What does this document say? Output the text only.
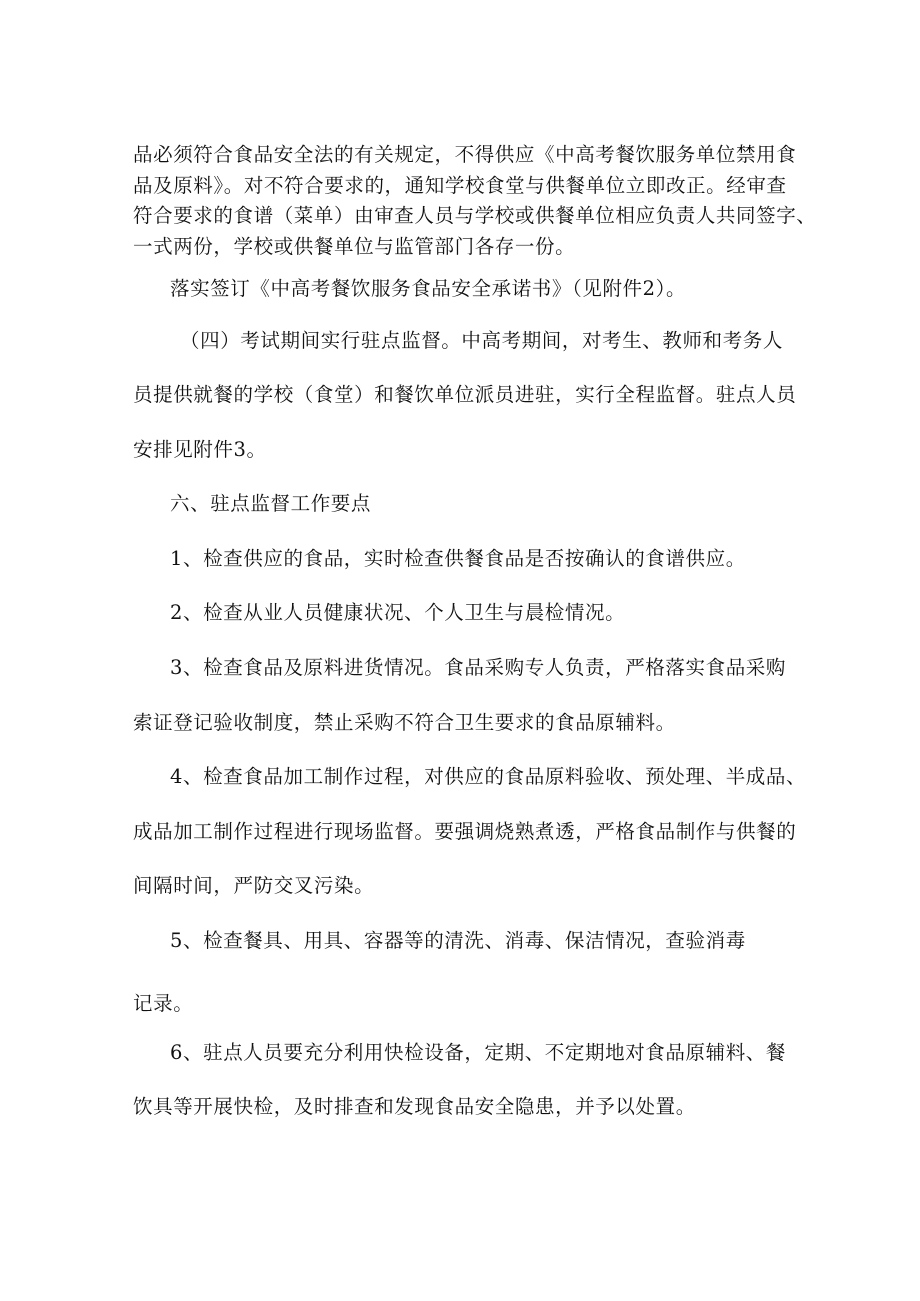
品必须符合食品安全法的有关规定，不得供应《中高考餐饮服务单位禁用食
品及原料》。对不符合要求的，通知学校食堂与供餐单位立即改正。经审查
符合要求的食谱（菜单）由审查人员与学校或供餐单位相应负责人共同签字、
一式两份，学校或供餐单位与监管部门各存一份。
落实签订《中高考餐饮服务食品安全承诺书》（见附件2）。
（四）考试期间实行驻点监督。中高考期间，对考生、教师和考务人
员提供就餐的学校（食堂）和餐饮单位派员进驻，实行全程监督。驻点人员
安排见附件3。
六、驻点监督工作要点
1、检查供应的食品，实时检查供餐食品是否按确认的食谱供应。
2、检查从业人员健康状况、个人卫生与晨检情况。
3、检查食品及原料进货情况。食品采购专人负责，严格落实食品采购
索证登记验收制度，禁止采购不符合卫生要求的食品原辅料。
4、检查食品加工制作过程，对供应的食品原料验收、预处理、半成品、
成品加工制作过程进行现场监督。要强调烧熟煮透，严格食品制作与供餐的
间隔时间，严防交叉污染。
5、检查餐具、用具、容器等的清洗、消毒、保洁情况，查验消毒
记录。
6、驻点人员要充分利用快检设备，定期、不定期地对食品原辅料、餐
饮具等开展快检，及时排查和发现食品安全隐患，并予以处置。
